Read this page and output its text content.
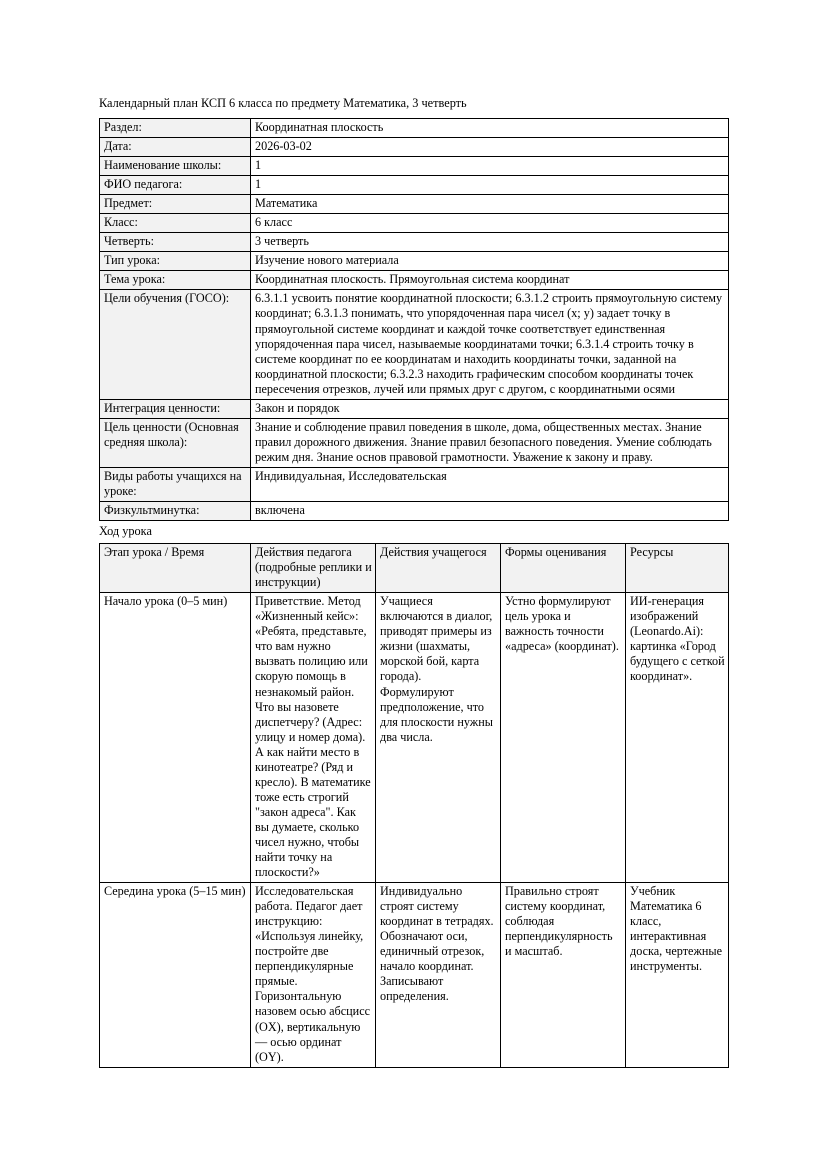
Календарный план КСП 6 класса по предмету Математика, 3 четверть
Раздел:	Координатная плоскость
Дата:	2026-03-02
Наименование школы:	1
ФИО педагога:	1
Предмет:	Математика
Класс:	6 класс
Четверть:	3 четверть
Тип урока:	Изучение нового материала
Тема урока:	Координатная плоскость. Прямоугольная система координат
Цели обучения (ГОСО):	6.3.1.1 усвоить понятие координатной плоскости; 6.3.1.2 строить прямоугольную систему координат; 6.3.1.3 понимать, что упорядоченная пара чисел (x; y) задает точку в прямоугольной системе координат и каждой точке соответствует единственная упорядоченная пара чисел, называемые координатами точки; 6.3.1.4 строить точку в системе координат по ее координатам и находить координаты точки, заданной на координатной плоскости; 6.3.2.3 находить графическим способом координаты точек пересечения отрезков, лучей или прямых друг с другом, с координатными осями
Интеграция ценности:	Закон и порядок
Цель ценности (Основная средняя школа):	Знание и соблюдение правил поведения в школе, дома, общественных местах. Знание правил дорожного движения. Знание правил безопасного поведения. Умение соблюдать режим дня. Знание основ правовой грамотности. Уважение к закону и праву.
Виды работы учащихся на уроке:	Индивидуальная, Исследовательская
Физкультминутка:	включена
Ход урока
Этап урока / Время	Действия педагога (подробные реплики и инструкции)	Действия учащегося	Формы оценивания	Ресурсы
Начало урока (0–5 мин)	Приветствие. Метод «Жизненный кейс»: «Ребята, представьте, что вам нужно вызвать полицию или скорую помощь в незнакомый район. Что вы назовете диспетчеру? (Адрес: улицу и номер дома). А как найти место в кинотеатре? (Ряд и кресло). В математике тоже есть строгий "закон адреса". Как вы думаете, сколько чисел нужно, чтобы найти точку на плоскости?»	Учащиеся включаются в диалог, приводят примеры из жизни (шахматы, морской бой, карта города). Формулируют предположение, что для плоскости нужны два числа.	Устно формулируют цель урока и важность точности «адреса» (координат).	ИИ-генерация изображений (Leonardo.Ai): картинка «Город будущего с сеткой координат».
Середина урока (5–15 мин)	Исследовательская работа. Педагог дает инструкцию: «Используя линейку, постройте две перпендикулярные прямые. Горизонтальную назовем осью абсцисс (OX), вертикальную — осью ординат (OY).	Индивидуально строят систему координат в тетрадях. Обозначают оси, единичный отрезок, начало координат. Записывают определения.	Правильно строят систему координат, соблюдая перпендикулярность и масштаб.	Учебник Математика 6 класс, интерактивная доска, чертежные инструменты.
